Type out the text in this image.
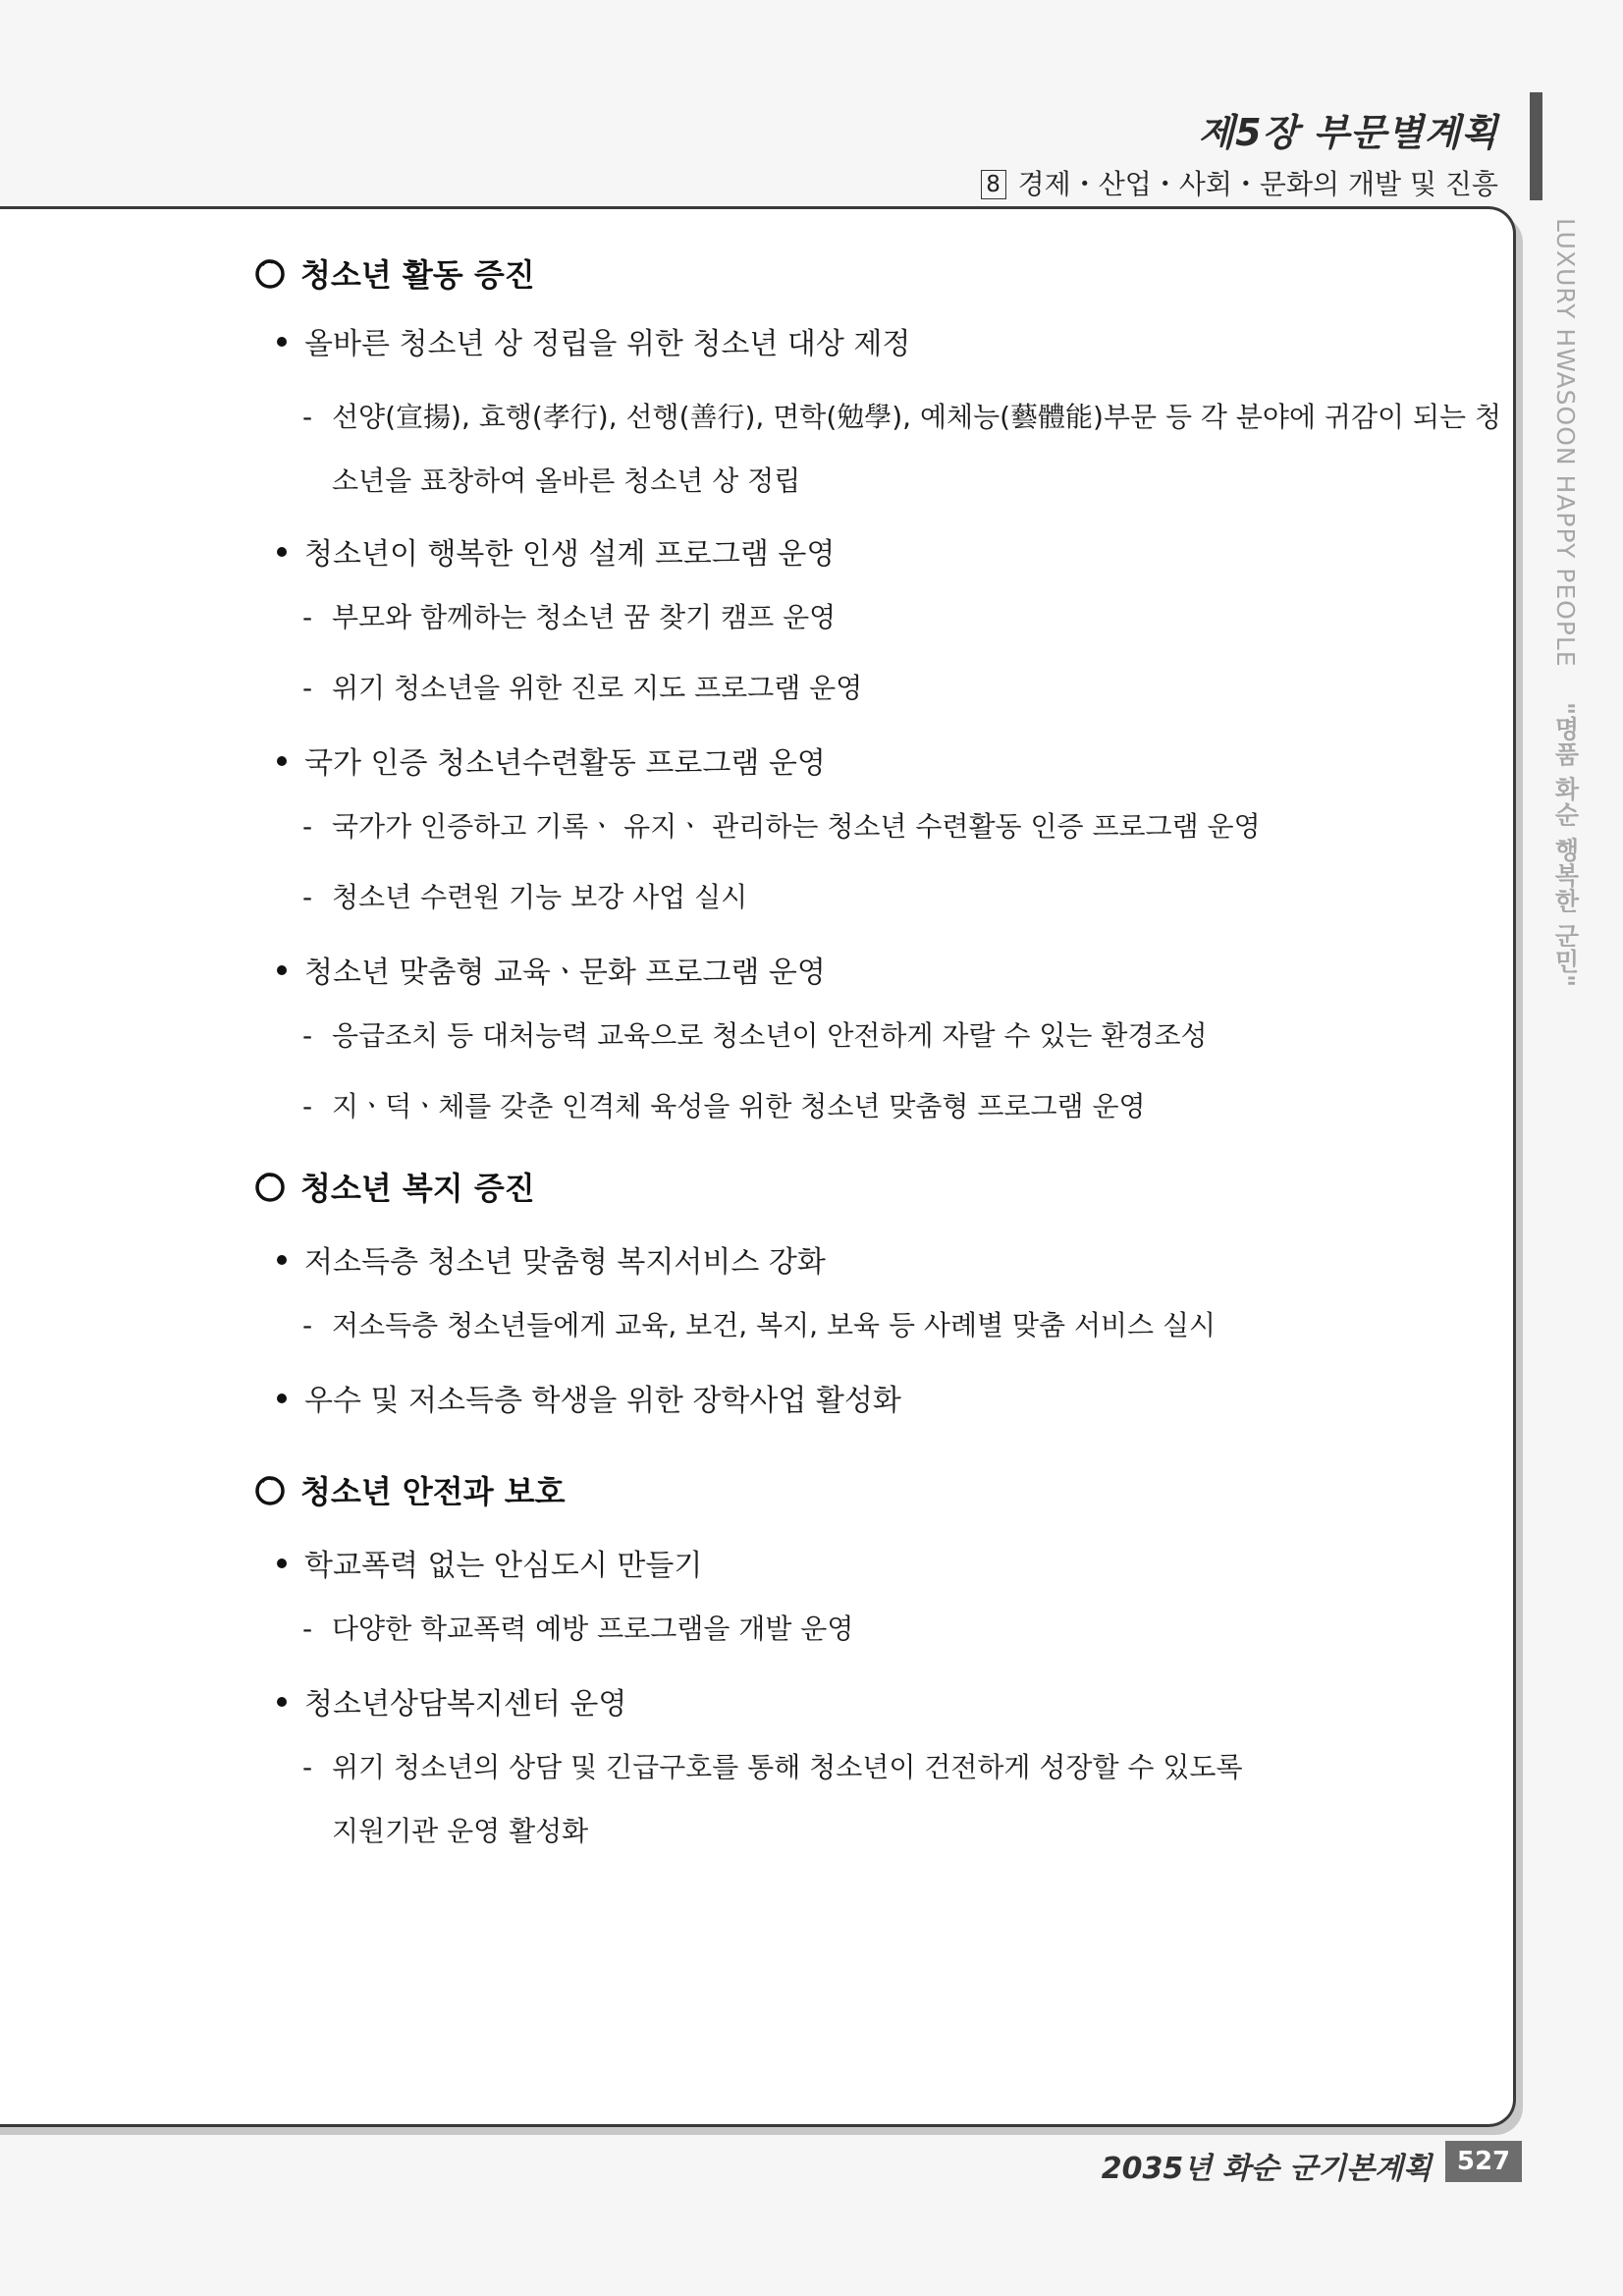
제5장 부문별계획
8 경제・산업・사회・문화의 개발 및 진흥
LUXURY HWASOON HAPPY PEOPLE "명품 화순 행복한 군민"
청소년 활동 증진
올바른 청소년 상 정립을 위한 청소년 대상 제정
- 선양(宣揚), 효행(孝行), 선행(善行), 면학(勉學), 예체능(藝體能)부문 등 각 분야에 귀감이 되는 청
소년을 표창하여 올바른 청소년 상 정립
청소년이 행복한 인생 설계 프로그램 운영
- 부모와 함께하는 청소년 꿈 찾기 캠프 운영
- 위기 청소년을 위한 진로 지도 프로그램 운영
국가 인증 청소년수련활동 프로그램 운영
- 국가가 인증하고 기록ㆍ 유지ㆍ 관리하는 청소년 수련활동 인증 프로그램 운영
- 청소년 수련원 기능 보강 사업 실시
청소년 맞춤형 교육ㆍ문화 프로그램 운영
- 응급조치 등 대처능력 교육으로 청소년이 안전하게 자랄 수 있는 환경조성
- 지ㆍ덕ㆍ체를 갖춘 인격체 육성을 위한 청소년 맞춤형 프로그램 운영
청소년 복지 증진
저소득층 청소년 맞춤형 복지서비스 강화
- 저소득층 청소년들에게 교육, 보건, 복지, 보육 등 사례별 맞춤 서비스 실시
우수 및 저소득층 학생을 위한 장학사업 활성화
청소년 안전과 보호
학교폭력 없는 안심도시 만들기
- 다양한 학교폭력 예방 프로그램을 개발 운영
청소년상담복지센터 운영
- 위기 청소년의 상담 및 긴급구호를 통해 청소년이 건전하게 성장할 수 있도록
지원기관 운영 활성화
2035년 화순 군기본계획 527
